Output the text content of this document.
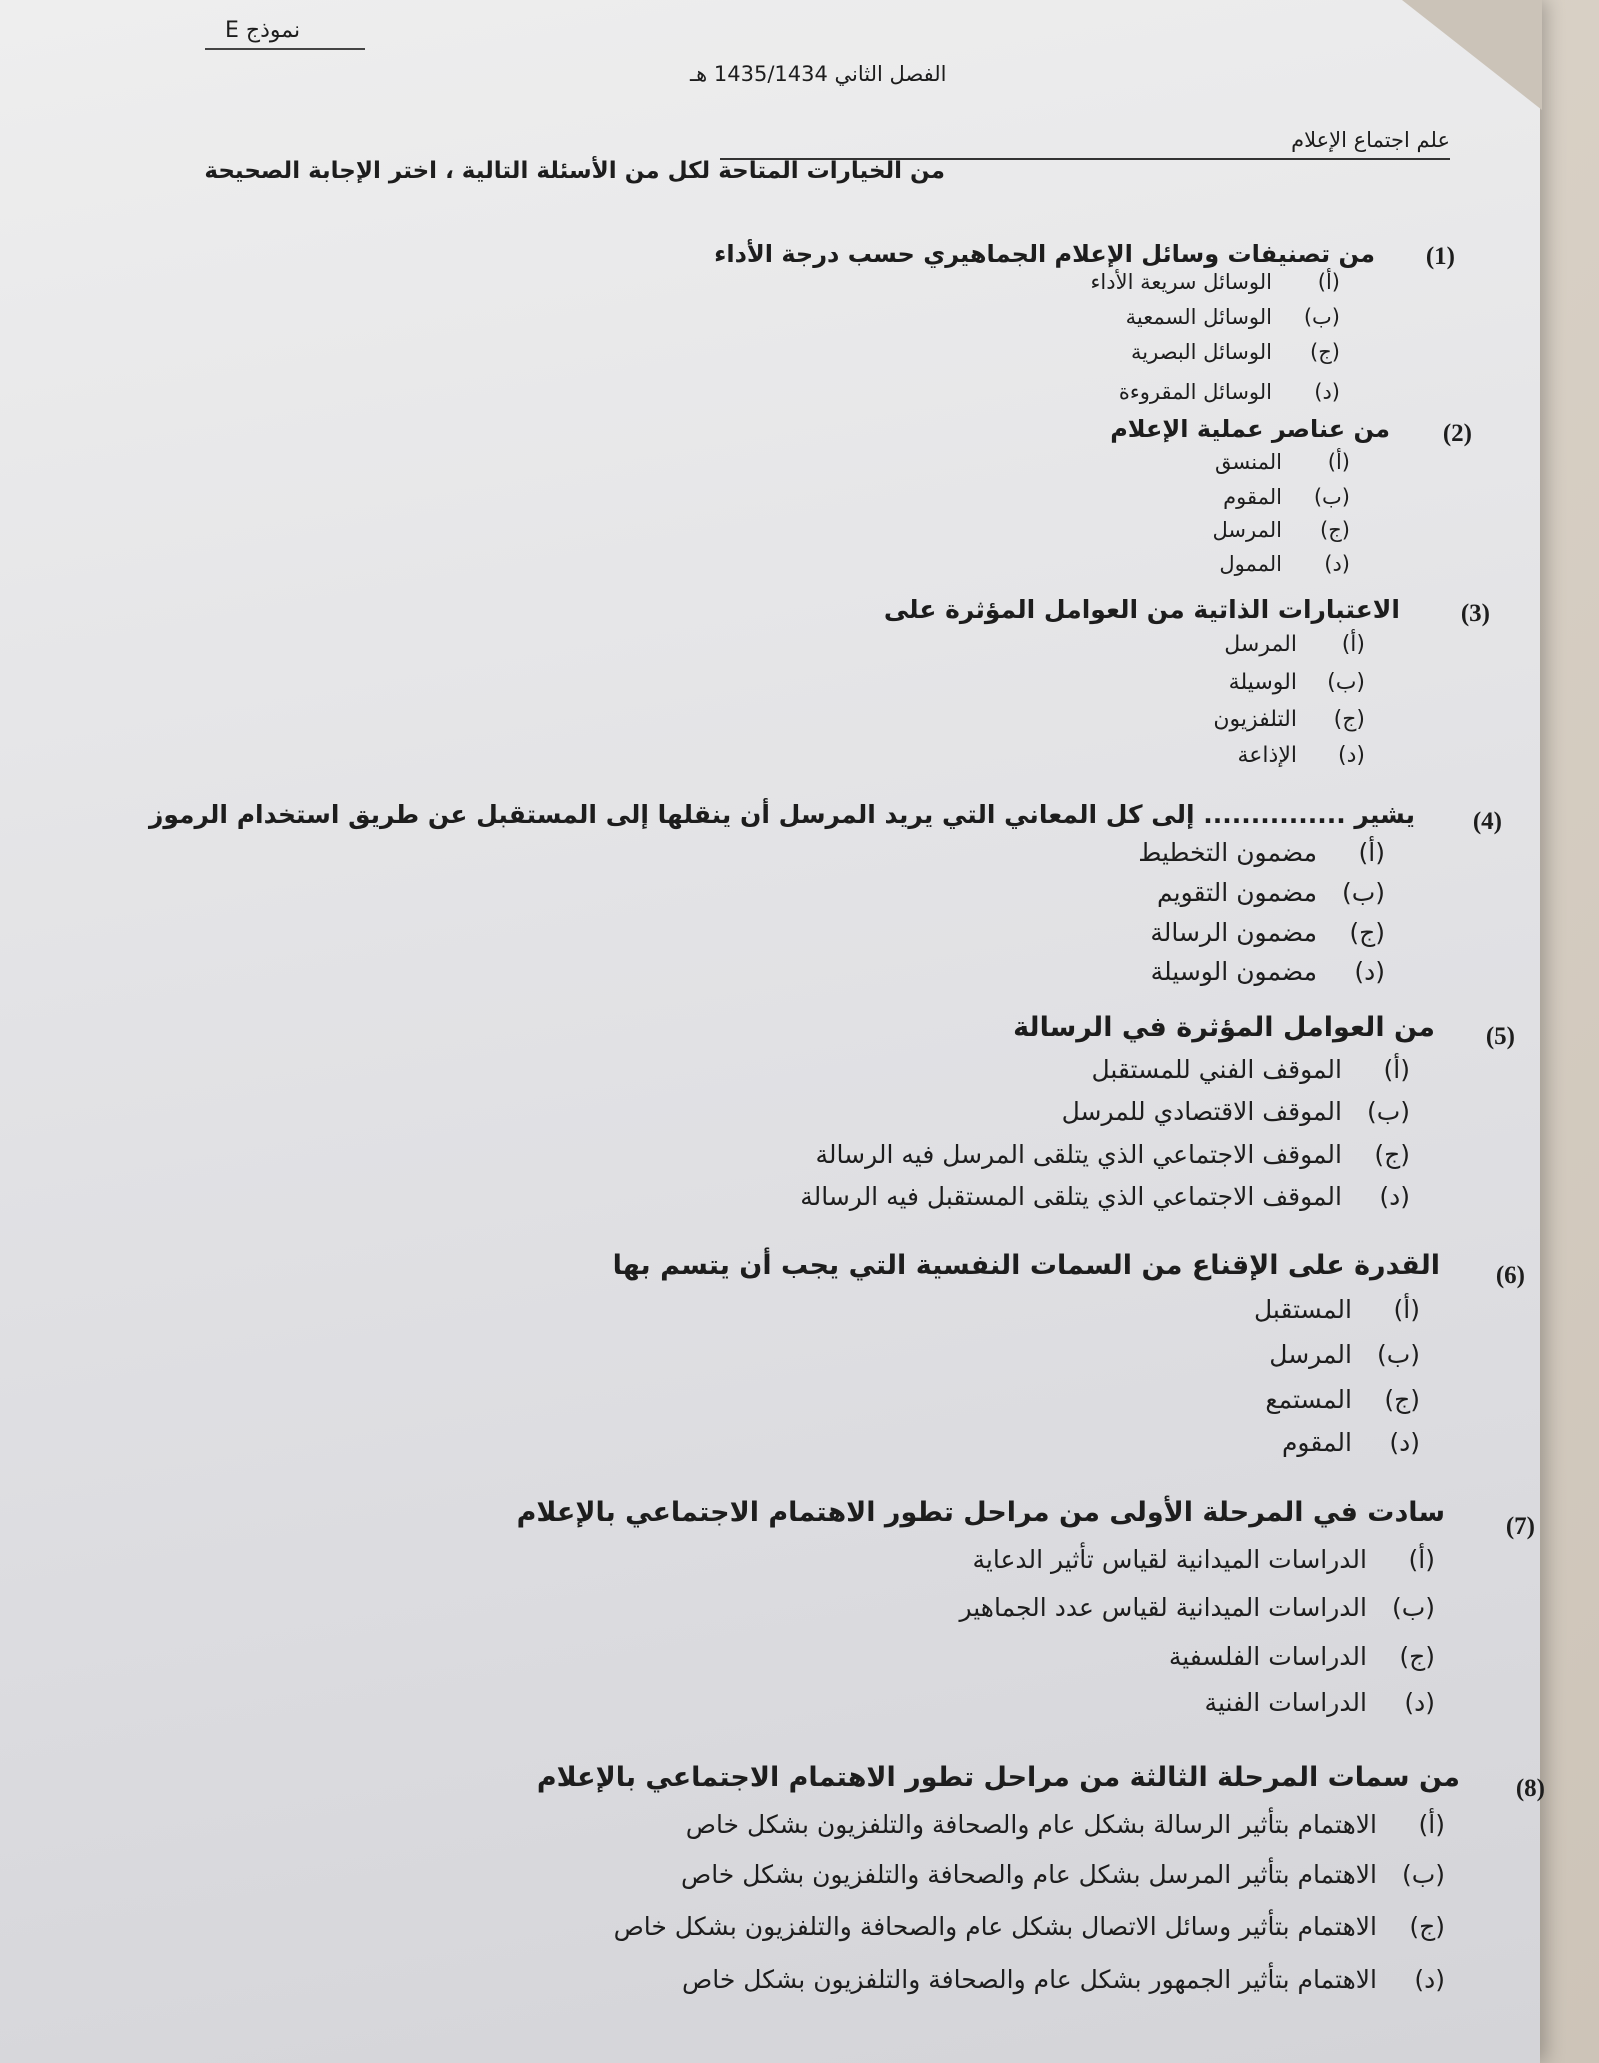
نموذج E
الفصل الثاني 1435/1434 هـ
علم اجتماع الإعلام
من الخيارات المتاحة لكل من الأسئلة التالية ، اختر الإجابة الصحيحة
(1)
من تصنيفات وسائل الإعلام الجماهيري حسب درجة الأداء
(أ)الوسائل سريعة الأداء
(ب)الوسائل السمعية
(ج)الوسائل البصرية
(د)الوسائل المقروءة
(2)
من عناصر عملية الإعلام
(أ)المنسق
(ب)المقوم
(ج)المرسل
(د)الممول
(3)
الاعتبارات الذاتية من العوامل المؤثرة على
(أ)المرسل
(ب)الوسيلة
(ج)التلفزيون
(د)الإذاعة
(4)
يشير ............... إلى كل المعاني التي يريد المرسل أن ينقلها إلى المستقبل عن طريق استخدام الرموز
(أ)مضمون التخطيط
(ب)مضمون التقويم
(ج)مضمون الرسالة
(د)مضمون الوسيلة
(5)
من العوامل المؤثرة في الرسالة
(أ)الموقف الفني للمستقبل
(ب)الموقف الاقتصادي للمرسل
(ج)الموقف الاجتماعي الذي يتلقى المرسل فيه الرسالة
(د)الموقف الاجتماعي الذي يتلقى المستقبل فيه الرسالة
(6)
القدرة على الإقناع من السمات النفسية التي يجب أن يتسم بها
(أ)المستقبل
(ب)المرسل
(ج)المستمع
(د)المقوم
(7)
سادت في المرحلة الأولى من مراحل تطور الاهتمام الاجتماعي بالإعلام
(أ)الدراسات الميدانية لقياس تأثير الدعاية
(ب)الدراسات الميدانية لقياس عدد الجماهير
(ج)الدراسات الفلسفية
(د)الدراسات الفنية
(8)
من سمات المرحلة الثالثة من مراحل تطور الاهتمام الاجتماعي بالإعلام
(أ)الاهتمام بتأثير الرسالة بشكل عام والصحافة والتلفزيون بشكل خاص
(ب)الاهتمام بتأثير المرسل بشكل عام والصحافة والتلفزيون بشكل خاص
(ج)الاهتمام بتأثير وسائل الاتصال بشكل عام والصحافة والتلفزيون بشكل خاص
(د)الاهتمام بتأثير الجمهور بشكل عام والصحافة والتلفزيون بشكل خاص
